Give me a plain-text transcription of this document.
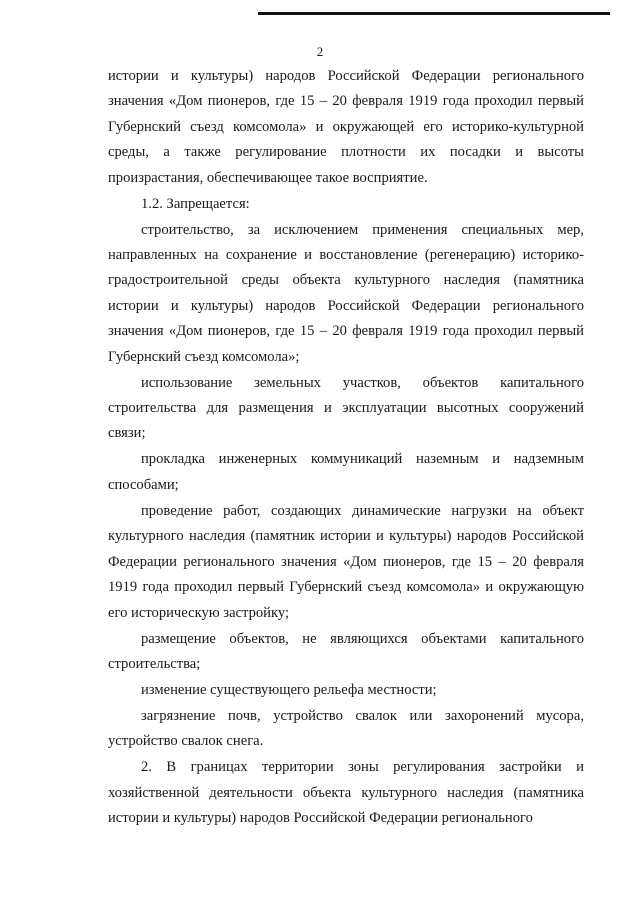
2

истории и культуры) народов Российской Федерации регионального значения «Дом пионеров, где 15 – 20 февраля 1919 года проходил первый Губернский съезд комсомола» и окружающей его историко-культурной среды, а также регулирование плотности их посадки и высоты произрастания, обеспечивающее такое восприятие.

1.2. Запрещается:

строительство, за исключением применения специальных мер, направленных на сохранение и восстановление (регенерацию) историко-градостроительной среды объекта культурного наследия (памятника истории и культуры) народов Российской Федерации регионального значения «Дом пионеров, где 15 – 20 февраля 1919 года проходил первый Губернский съезд комсомола»;

использование земельных участков, объектов капитального строительства для размещения и эксплуатации высотных сооружений связи;

прокладка инженерных коммуникаций наземным и надземным способами;

проведение работ, создающих динамические нагрузки на объект культурного наследия (памятник истории и культуры) народов Российской Федерации регионального значения «Дом пионеров, где 15 – 20 февраля 1919 года проходил первый Губернский съезд комсомола» и окружающую его историческую застройку;

размещение объектов, не являющихся объектами капитального строительства;

изменение существующего рельефа местности;

загрязнение почв, устройство свалок или захоронений мусора, устройство свалок снега.

2. В границах территории зоны регулирования застройки и хозяйственной деятельности объекта культурного наследия (памятника истории и культуры) народов Российской Федерации регионального
